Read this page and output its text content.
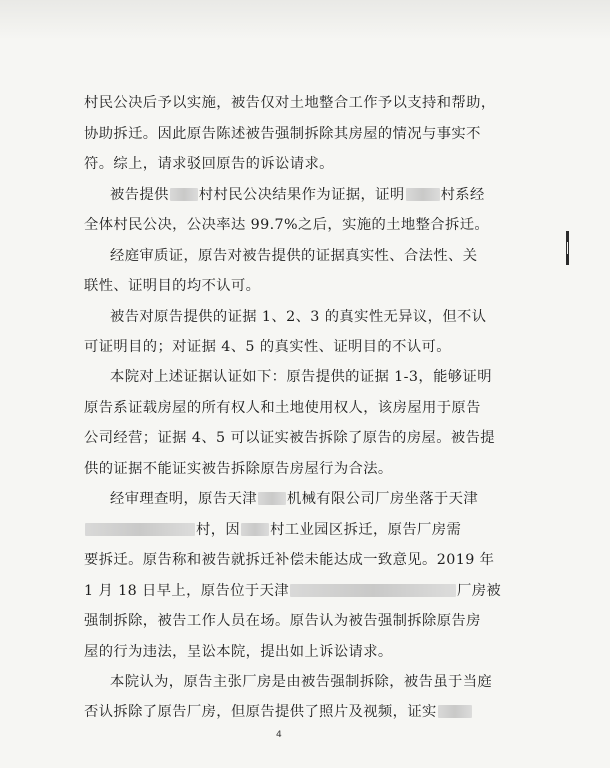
村民公决后予以实施，被告仅对土地整合工作予以支持和帮助，
协助拆迁。因此原告陈述被告强制拆除其房屋的情况与事实不
符。综上，请求驳回原告的诉讼请求。
被告提供 村村民公决结果作为证据，证明	村系经
全体村民公决，公决率达 99.7%之后，实施的土地整合拆迁。
经庭审质证，原告对被告提供的证据真实性、合法性、关
联性、证明目的均不认可。
被告对原告提供的证据 1、2、3 的真实性无异议，但不认
可证明目的；对证据 4、5 的真实性、证明目的不认可。
本院对上述证据认证如下：原告提供的证据 1-3，能够证明
原告系证载房屋的所有权人和土地使用权人，该房屋用于原告
公司经营；证据 4、5 可以证实被告拆除了原告的房屋。被告提
供的证据不能证实被告拆除原告房屋行为合法。
经审理查明，原告天津 机械有限公司厂房坐落于天津
村，因 村工业园区拆迁，原告厂房需
要拆迁。原告称和被告就拆迁补偿未能达成一致意见。2019 年
1 月 18 日早上，原告位于天津	厂房被
强制拆除，被告工作人员在场。原告认为被告强制拆除原告房
屋的行为违法，呈讼本院，提出如上诉讼请求。
本院认为，原告主张厂房是由被告强制拆除，被告虽于当庭
否认拆除了原告厂房，但原告提供了照片及视频，证实
4
